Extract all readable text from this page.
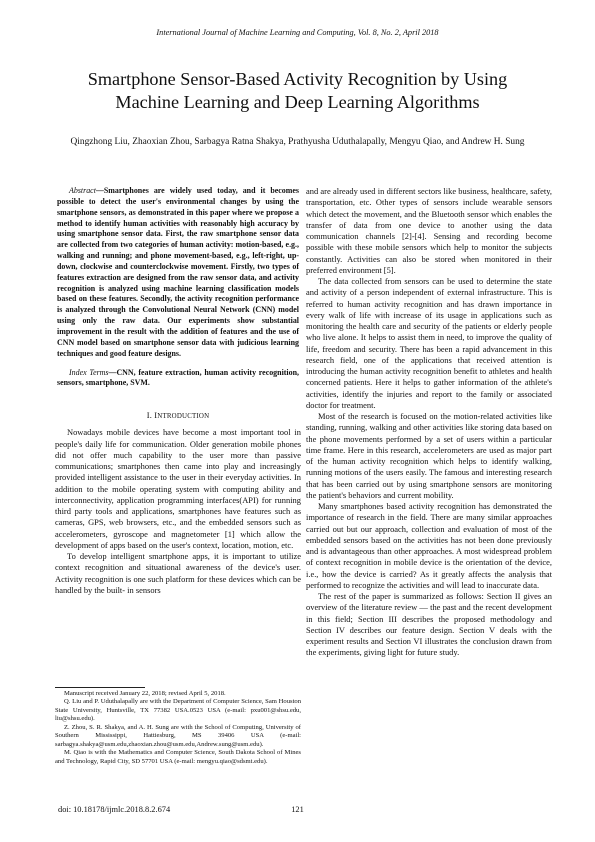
International Journal of Machine Learning and Computing, Vol. 8, No. 2, April 2018
Smartphone Sensor-Based Activity Recognition by Using
Machine Learning and Deep Learning Algorithms
Qingzhong Liu, Zhaoxian Zhou, Sarbagya Ratna Shakya, Prathyusha Uduthalapally, Mengyu Qiao, and Andrew H. Sung

Abstract—Smartphones are widely used today, and it becomes possible to detect the user's environmental changes by using the smartphone sensors, as demonstrated in this paper where we propose a method to identify human activities with reasonably high accuracy by using smartphone sensor data. First, the raw smartphone sensor data are collected from two categories of human activity: motion-based, e.g., walking and running; and phone movement-based, e.g., left-right, up-down, clockwise and counterclockwise movement. Firstly, two types of features extraction are designed from the raw sensor data, and activity recognition is analyzed using machine learning classification models based on these features. Secondly, the activity recognition performance is analyzed through the Convolutional Neural Network (CNN) model using only the raw data. Our experiments show substantial improvement in the result with the addition of features and the use of CNN model based on smartphone sensor data with judicious learning techniques and good feature designs.

Index Terms—CNN, feature extraction, human activity recognition, sensors, smartphone, SVM.

I. INTRODUCTION

Nowadays mobile devices have become a most important tool in people's daily life for communication. Older generation mobile phones did not offer much capability to the user more than passive communications; smartphones then came into play and increasingly provided intelligent assistance to the user in their everyday activities. In addition to the mobile operating system with computing ability and interconnectivity, application programming interfaces(API) for running third party tools and applications, smartphones have features such as cameras, GPS, web browsers, etc., and the embedded sensors such as accelerometers, gyroscope and magnetometer [1] which allow the development of apps based on the user's context, location, motion, etc.

To develop intelligent smartphone apps, it is important to utilize context recognition and situational awareness of the device's user. Activity recognition is one such platform for these devices which can be handled by the built- in sensors

and are already used in different sectors like business, healthcare, safety, transportation, etc. Other types of sensors include wearable sensors which detect the movement, and the Bluetooth sensor which enables the transfer of data from one device to another using the data communication channels [2]-[4]. Sensing and recording become possible with these mobile sensors which help to monitor the subjects constantly. Activities can also be stored when monitored in their preferred environment [5].

The data collected from sensors can be used to determine the state and activity of a person independent of external infrastructure. This is referred to human activity recognition and has drawn importance in every walk of life with increase of its usage in applications such as monitoring the health care and security of the patients or elderly people who live alone. It helps to assist them in need, to improve the quality of life, freedom and security. There has been a rapid advancement in this research field, one of the applications that received attention is introducing the human activity recognition benefit to athletes and health concerned patients. Here it helps to gather information of the athlete's activities, identify the injuries and report to the family or associated doctor for treatment.

Most of the research is focused on the motion-related activities like standing, running, walking and other activities like storing data based on the phone movements performed by a set of users within a particular time frame. Here in this research, accelerometers are used as major part of the human activity recognition which helps to identify walking, running motions of the users easily. The famous and interesting research that has been carried out by using smartphone sensors are monitoring the patient's behaviors and current mobility.

Many smartphones based activity recognition has demonstrated the importance of research in the field. There are many similar approaches carried out but our approach, collection and evaluation of most of the embedded sensors based on the activities has not been done previously and is advantageous than other approaches. A most widespread problem of context recognition in mobile device is the orientation of the device, i.e., how the device is carried? As it greatly affects the analysis that performed to recognize the activities and will lead to inaccurate data.

The rest of the paper is summarized as follows: Section II gives an overview of the literature review — the past and the recent development in this field; Section III describes the proposed methodology and Section IV describes our feature design. Section V deals with the experiment results and Section VI illustrates the conclusion drawn from the experiments, giving light for future study.

Manuscript received January 22, 2018; revised April 5, 2018.

Q. Liu and P. Uduthalapally are with the Department of Computer Science, Sam Houston State University, Huntsville, TX 77382 USA.0523 USA (e-mail: pxu001@shsu.edu, liu@shsu.edu).

Z. Zhou, S. R. Shakya, and A. H. Sung are with the School of Computing, University of Southern Mississippi, Hattiesburg, MS 39406 USA (e-mail: sarbagya.shakya@usm.edu,zhaoxian.zhou@usm.edu,Andrew.sung@usm.edu).

M. Qiao is with the Mathematics and Computer Science, South Dakota School of Mines and Technology, Rapid City, SD 57701 USA (e-mail: mengyu.qiao@sdsmt.edu).

doi: 10.18178/ijmlc.2018.8.2.674	121
